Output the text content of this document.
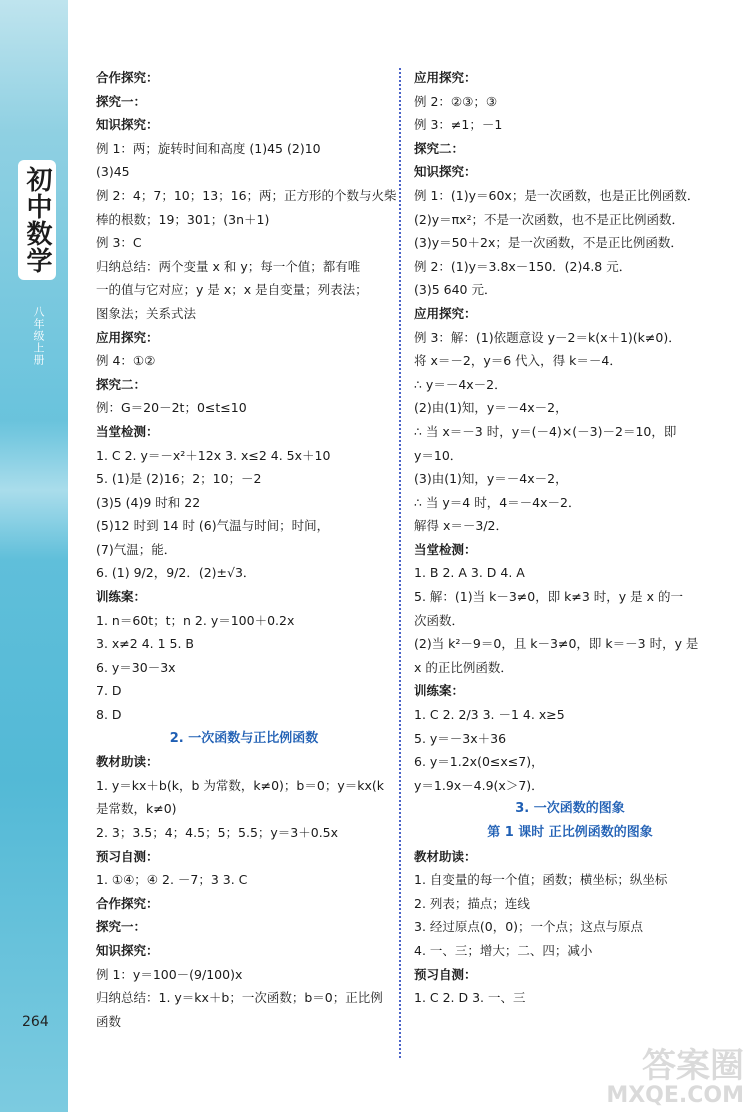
初中数学
八年级上册
264
合作探究：
探究一：
知识探究：
例 1：两；旋转时间和高度 (1)45 (2)10
(3)45
例 2：4；7；10；13；16；两；正方形的个数与火柴
棒的根数；19；301；(3n＋1)
例 3：C
归纳总结：两个变量 x 和 y；每一个值；都有唯
一的值与它对应；y 是 x；x 是自变量；列表法；
图象法；关系式法
应用探究：
例 4：①②
探究二：
例：G＝20－2t；0≤t≤10
当堂检测：
1. C 2. y＝－x²＋12x 3. x≤2 4. 5x＋10
5. (1)是 (2)16；2；10；－2
(3)5 (4)9 时和 22
(5)12 时到 14 时 (6)气温与时间；时间，
(7)气温；能．
6. (1) 9/2，9/2．(2)±√3．
训练案：
1. n＝60t；t；n 2. y＝100＋0.2x
3. x≠2 4. 1 5. B
6. y＝30－3x
7. D
8. D
2. 一次函数与正比例函数
教材助读：
1. y＝kx＋b(k，b 为常数，k≠0)；b＝0；y＝kx(k
是常数，k≠0)
2. 3；3.5；4；4.5；5；5.5；y＝3＋0.5x
预习自测：
1. ①④；④ 2. －7；3 3. C
合作探究：
探究一：
知识探究：
例 1：y＝100－(9/100)x
归纳总结：1. y＝kx＋b；一次函数；b＝0；正比例
函数
应用探究：
例 2：②③；③
例 3：≠1；－1
探究二：
知识探究：
例 1：(1)y＝60x；是一次函数，也是正比例函数．
(2)y＝πx²；不是一次函数，也不是正比例函数．
(3)y＝50＋2x；是一次函数，不是正比例函数．
例 2：(1)y＝3.8x－150．(2)4.8 元．
(3)5 640 元．
应用探究：
例 3：解：(1)依题意设 y－2＝k(x＋1)(k≠0)．
将 x＝－2，y＝6 代入，得 k＝－4．
∴ y＝－4x－2．
(2)由(1)知，y＝－4x－2，
∴ 当 x＝－3 时，y＝(－4)×(－3)－2＝10，即
y＝10．
(3)由(1)知，y＝－4x－2，
∴ 当 y＝4 时，4＝－4x－2．
解得 x＝－3/2．
当堂检测：
1. B 2. A 3. D 4. A
5. 解：(1)当 k－3≠0，即 k≠3 时，y 是 x 的一
次函数．
(2)当 k²－9＝0，且 k－3≠0，即 k＝－3 时，y 是
x 的正比例函数．
训练案：
1. C 2. 2/3 3. －1 4. x≥5
5. y＝－3x＋36
6. y＝1.2x(0≤x≤7)，
y＝1.9x－4.9(x＞7)．
3. 一次函数的图象
第 1 课时 正比例函数的图象
教材助读：
1. 自变量的每一个值；函数；横坐标；纵坐标
2. 列表；描点；连线
3. 经过原点(0，0)；一个点；这点与原点
4. 一、三；增大；二、四；减小
预习自测：
1. C 2. D 3. 一、三
答案圈
MXQE.COM
